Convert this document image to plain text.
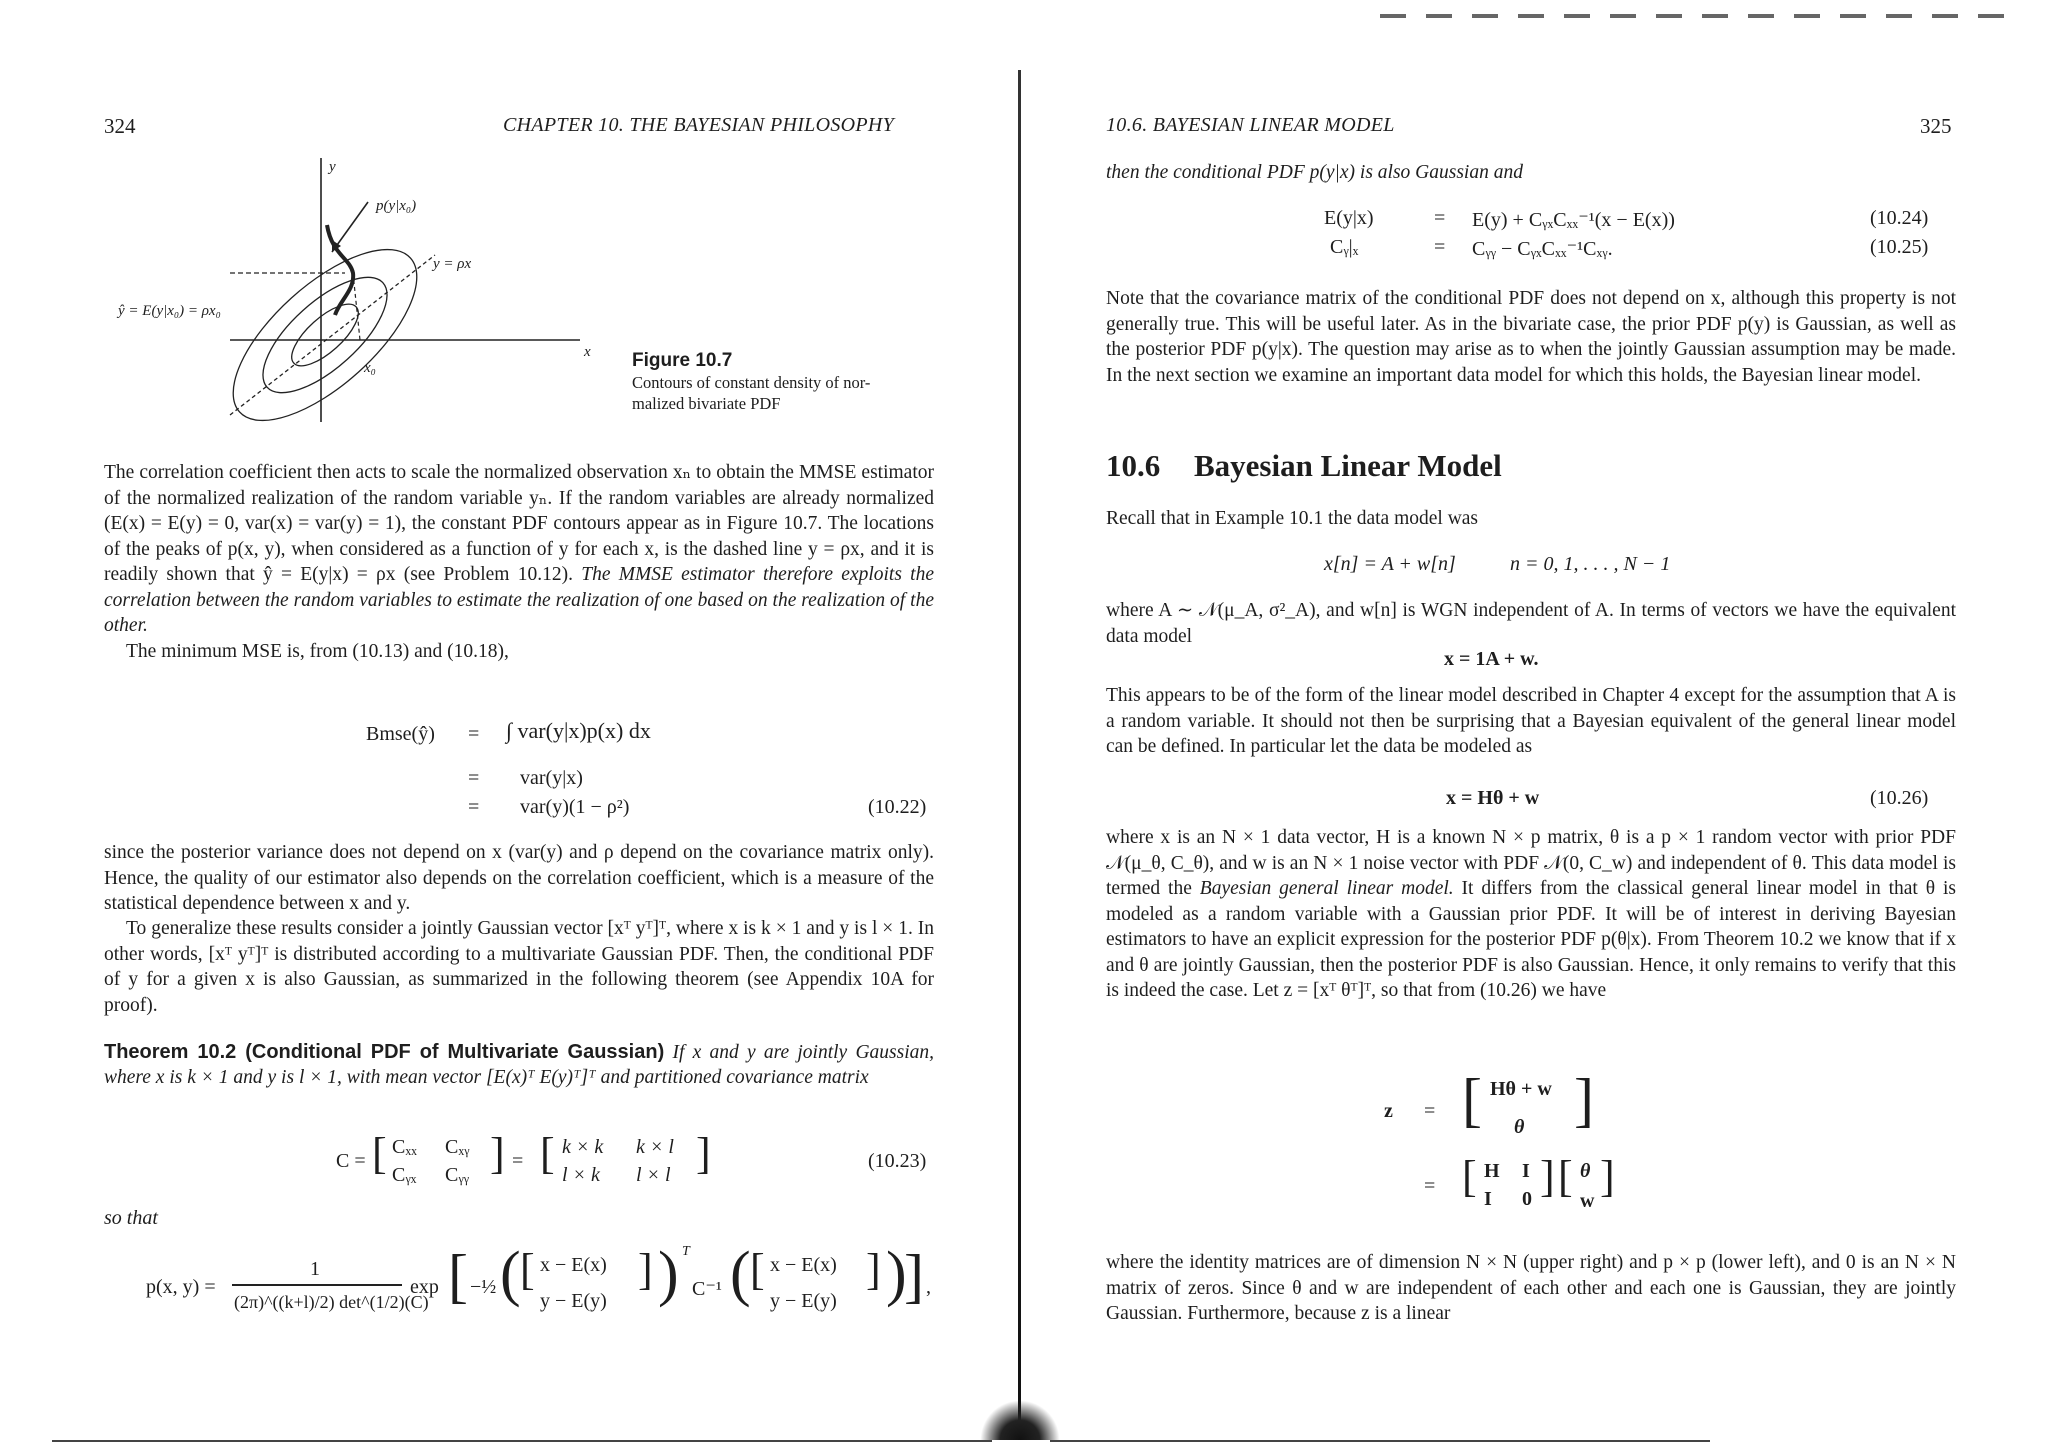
324	CHAPTER 10. THE BAYESIAN PHILOSOPHY
y
x
p(y|x₀)
y = ρx
ŷ = E(y|x₀) = ρx₀
x₀	Figure 10.7
Contours of constant density of nor-
malized bivariate PDF

The correlation coefficient then acts to scale the normalized observation xₙ to obtain the MMSE estimator of the normalized realization of the random variable yₙ. If the random variables are already normalized (E(x) = E(y) = 0, var(x) = var(y) = 1), the constant PDF contours appear as in Figure 10.7. The locations of the peaks of p(x, y), when considered as a function of y for each x, is the dashed line y = ρx, and it is readily shown that ŷ = E(y|x) = ρx (see Problem 10.12). The MMSE estimator therefore exploits the correlation between the random variables to estimate the realization of one based on the realization of the other.

The minimum MSE is, from (10.13) and (10.18),

Bmse(ŷ) = ∫ var(y|x)p(x) dx
= var(y|x)
= var(y)(1 − ρ²)	(10.22)

since the posterior variance does not depend on x (var(y) and ρ depend on the covariance matrix only). Hence, the quality of our estimator also depends on the correlation coefficient, which is a measure of the statistical dependence between x and y.

To generalize these results consider a jointly Gaussian vector [xᵀ yᵀ]ᵀ, where x is k × 1 and y is l × 1. In other words, [xᵀ yᵀ]ᵀ is distributed according to a multivariate Gaussian PDF. Then, the conditional PDF of y for a given x is also Gaussian, as summarized in the following theorem (see Appendix 10A for proof).

Theorem 10.2 (Conditional PDF of Multivariate Gaussian) If x and y are jointly Gaussian, where x is k × 1 and y is l × 1, with mean vector [E(x)ᵀ E(y)ᵀ]ᵀ and partitioned covariance matrix

C = [ Cₓₓ Cₓᵧ
Cᵧₓ Cᵧᵧ ] = [ k × k k × l
l × k l × l ]	(10.23)
so that
p(x, y) =
1
(2π)^((k+l)/2) det^(1/2)(C)
exp [ −½ ( [ x − E(x)
y − E(y)
] ) T
C⁻¹ ( [ x − E(x)
y − E(y)
] )
] ,
10.6. BAYESIAN LINEAR MODEL	325

then the conditional PDF p(y|x) is also Gaussian and

E(y|x)	= E(y) + CᵧₓCₓₓ⁻¹(x − E(x))	(10.24)
Cᵧ|ₓ	= Cᵧᵧ − CᵧₓCₓₓ⁻¹Cₓᵧ.	(10.25)

Note that the covariance matrix of the conditional PDF does not depend on x, although this property is not generally true. This will be useful later. As in the bivariate case, the prior PDF p(y) is Gaussian, as well as the posterior PDF p(y|x). The question may arise as to when the jointly Gaussian assumption may be made. In the next section we examine an important data model for which this holds, the Bayesian linear model.

10.6 Bayesian Linear Model

Recall that in Example 10.1 the data model was

x[n] = A + w[n]	n = 0, 1, . . . , N − 1

where A ∼ 𝒩(μ_A, σ²_A), and w[n] is WGN independent of A. In terms of vectors we have the equivalent data model

x = 1A + w.

This appears to be of the form of the linear model described in Chapter 4 except for the assumption that A is a random variable. It should not then be surprising that a Bayesian equivalent of the general linear model can be defined. In particular let the data be modeled as

x = Hθ + w	(10.26)

where x is an N × 1 data vector, H is a known N × p matrix, θ is a p × 1 random vector with prior PDF 𝒩(μ_θ, C_θ), and w is an N × 1 noise vector with PDF 𝒩(0, C_w) and independent of θ. This data model is termed the Bayesian general linear model. It differs from the classical general linear model in that θ is modeled as a random variable with a Gaussian prior PDF. It will be of interest in deriving Bayesian estimators to have an explicit expression for the posterior PDF p(θ|x). From Theorem 10.2 we know that if x and θ are jointly Gaussian, then the posterior PDF is also Gaussian. Hence, it only remains to verify that this is indeed the case. Let z = [xᵀ θᵀ]ᵀ, so that from (10.26) we have

z = [ Hθ + w
θ ]
= [ H I
I 0 ] [ θ
w ]

where the identity matrices are of dimension N × N (upper right) and p × p (lower left), and 0 is an N × N matrix of zeros. Since θ and w are independent of each other and each one is Gaussian, they are jointly Gaussian. Furthermore, because z is a linear
